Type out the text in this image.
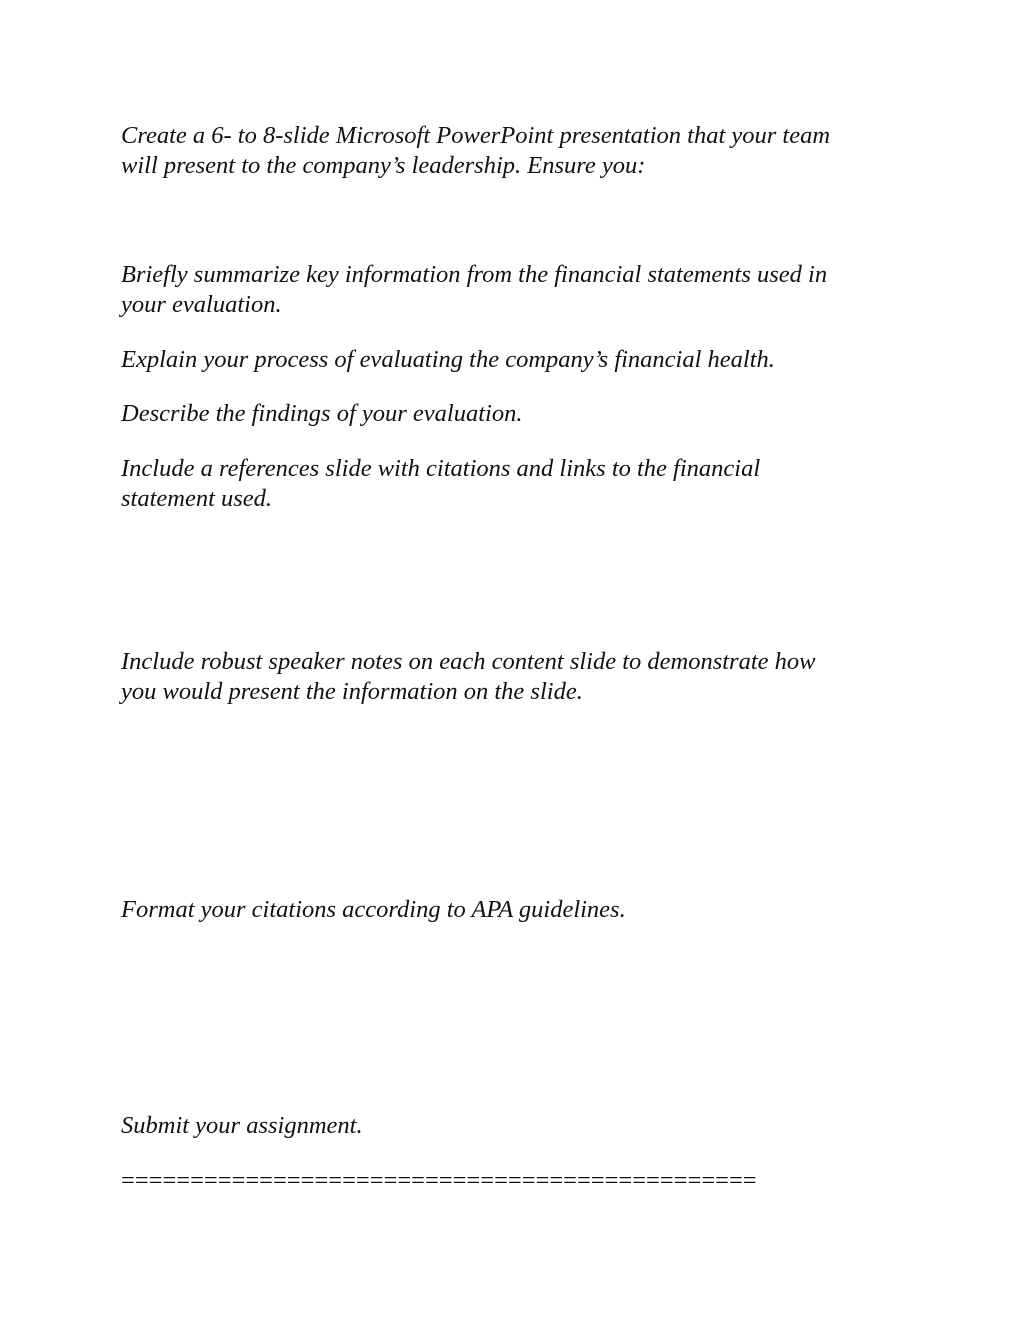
Create a 6- to 8-slide Microsoft PowerPoint presentation that your team
will present to the company’s leadership. Ensure you:

Briefly summarize key information from the financial statements used in
your evaluation.

Explain your process of evaluating the company’s financial health.

Describe the findings of your evaluation.

Include a references slide with citations and links to the financial
statement used.

Include robust speaker notes on each content slide to demonstrate how
you would present the information on the slide.

Format your citations according to APA guidelines.

Submit your assignment.

==============================================
